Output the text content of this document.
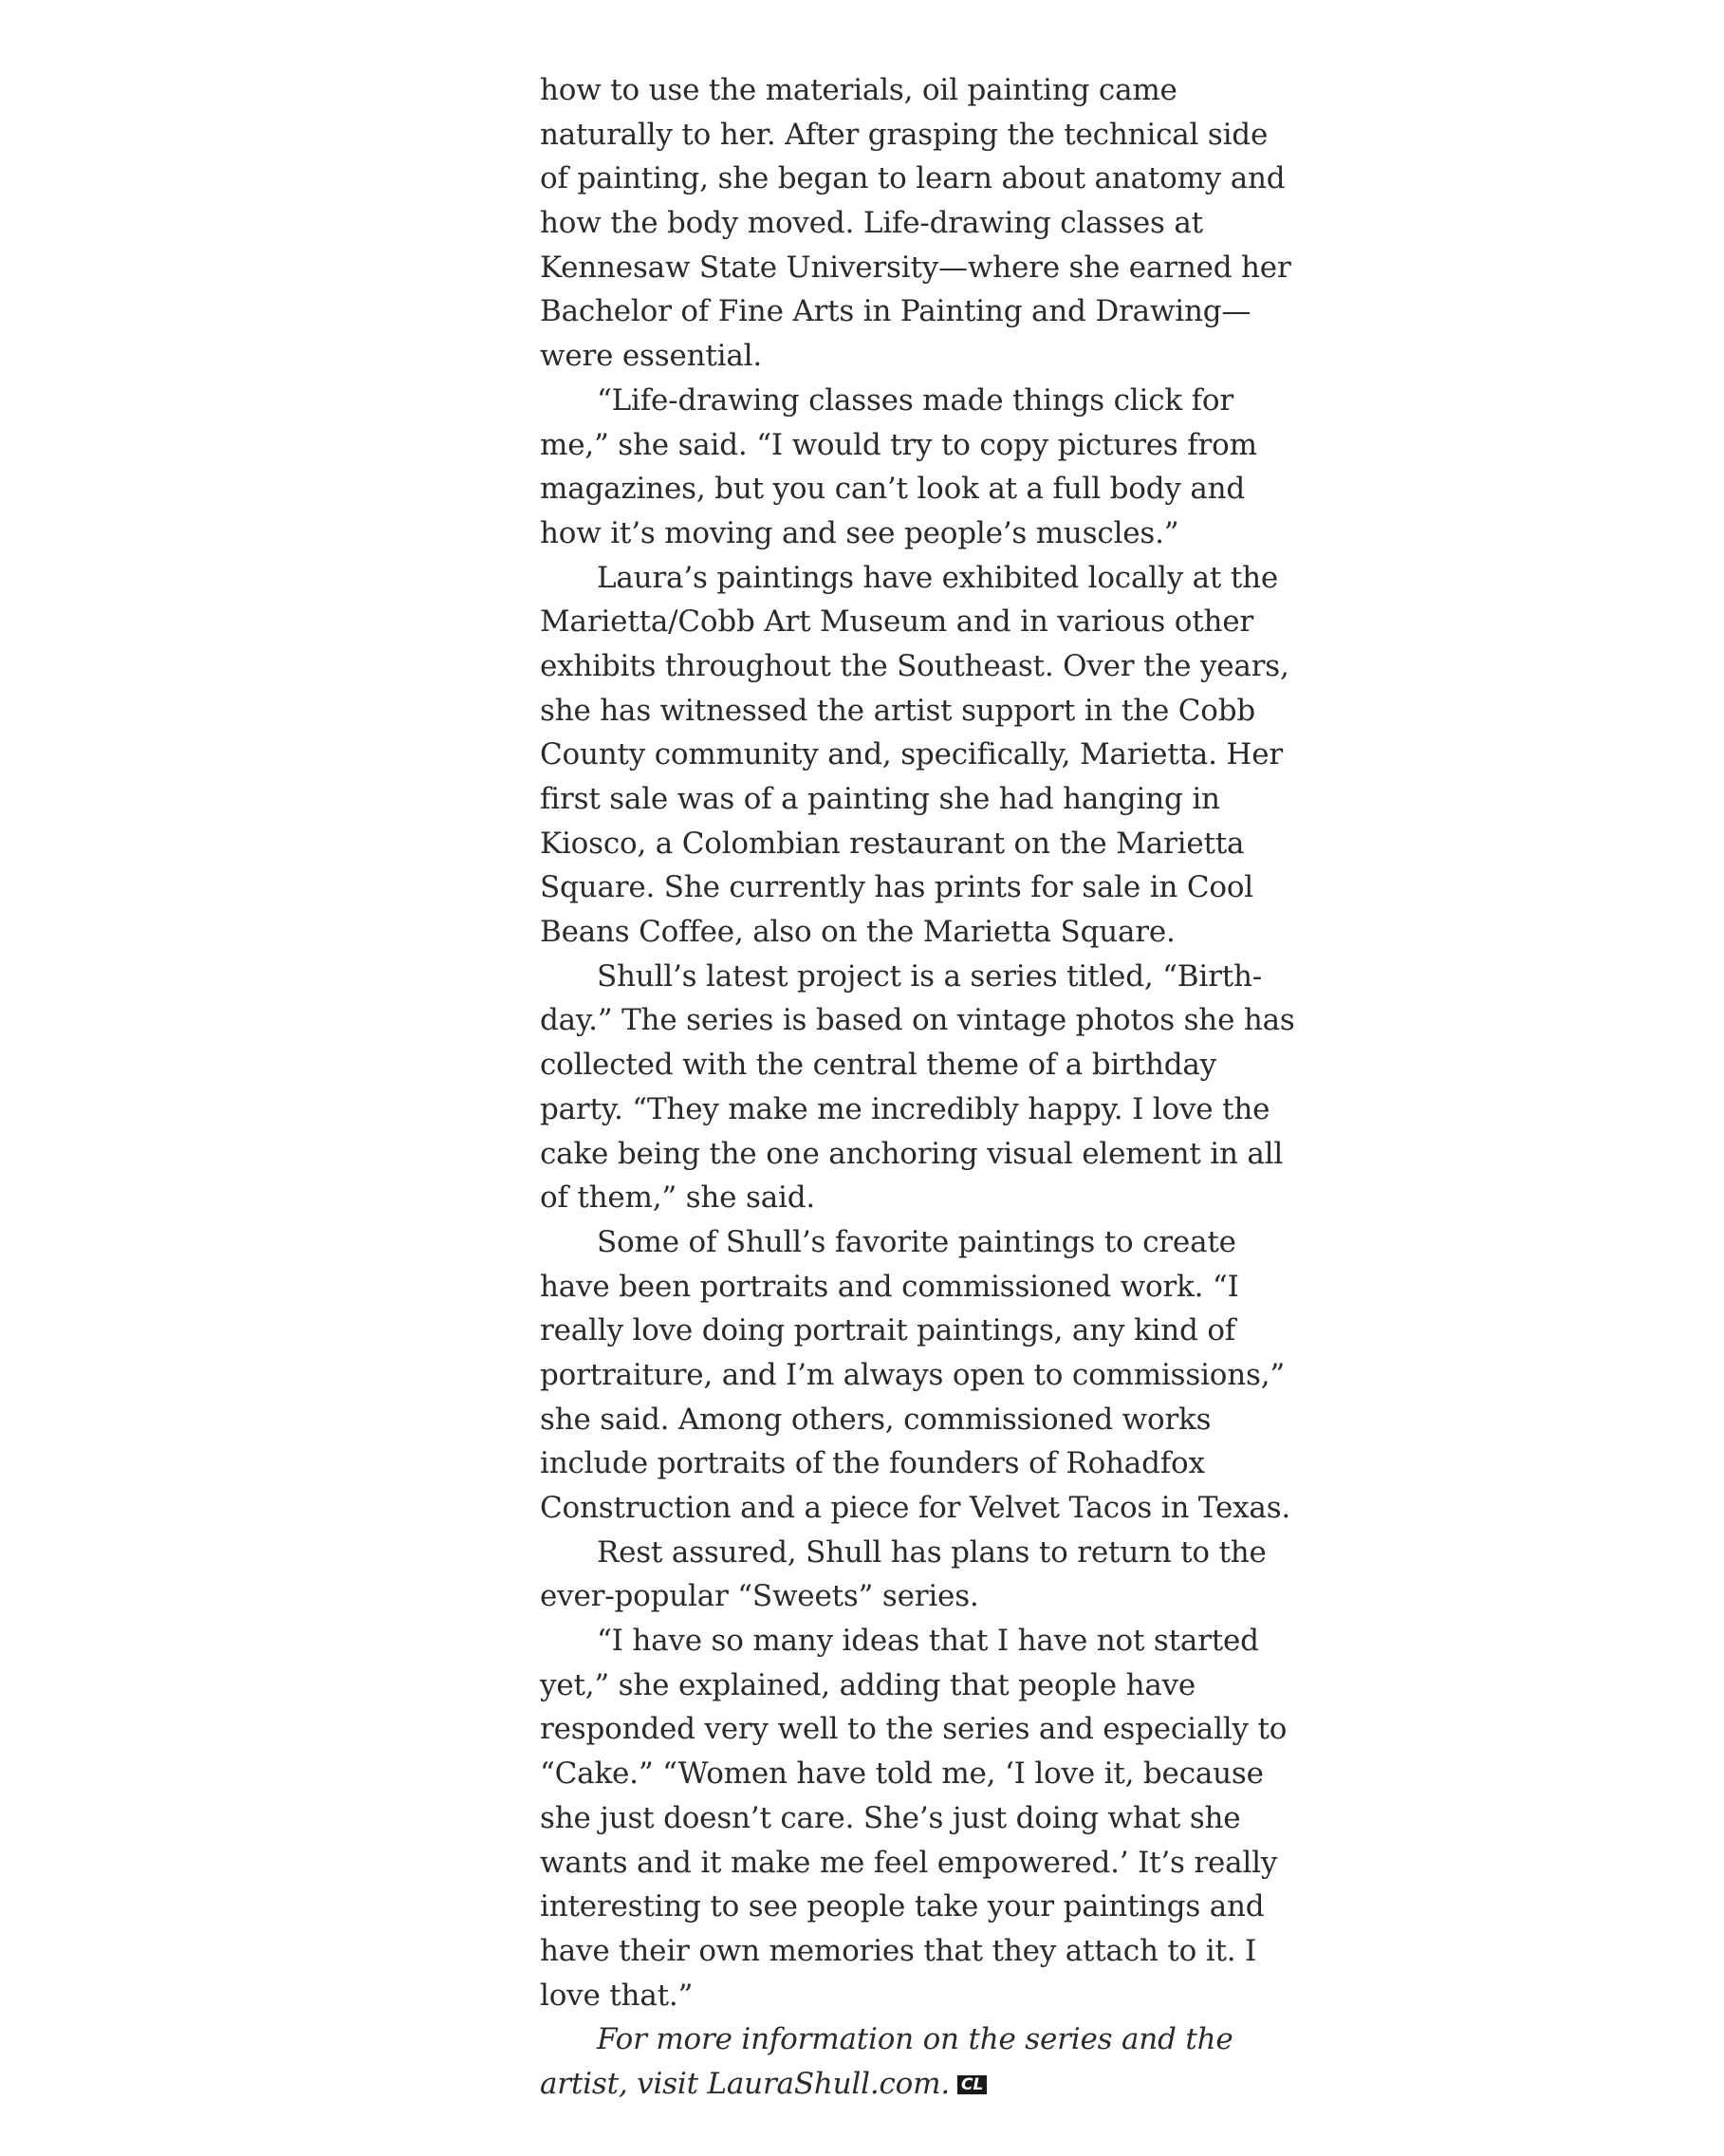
how to use the materials, oil painting came
naturally to her. After grasping the technical side
of painting, she began to learn about anatomy and
how the body moved. Life-drawing classes at
Kennesaw State University—where she earned her
Bachelor of Fine Arts in Painting and Drawing—
were essential.

“Life-drawing classes made things click for
me,” she said. “I would try to copy pictures from
magazines, but you can’t look at a full body and
how it’s moving and see people’s muscles.”

Laura’s paintings have exhibited locally at the
Marietta/Cobb Art Museum and in various other
exhibits throughout the Southeast. Over the years,
she has witnessed the artist support in the Cobb
County community and, specifically, Marietta. Her
first sale was of a painting she had hanging in
Kiosco, a Colombian restaurant on the Marietta
Square. She currently has prints for sale in Cool
Beans Coffee, also on the Marietta Square.

Shull’s latest project is a series titled, “Birth-
day.” The series is based on vintage photos she has
collected with the central theme of a birthday
party. “They make me incredibly happy. I love the
cake being the one anchoring visual element in all
of them,” she said.

Some of Shull’s favorite paintings to create
have been portraits and commissioned work. “I
really love doing portrait paintings, any kind of
portraiture, and I’m always open to commissions,”
she said. Among others, commissioned works
include portraits of the founders of Rohadfox
Construction and a piece for Velvet Tacos in Texas.

Rest assured, Shull has plans to return to the
ever-popular “Sweets” series.

“I have so many ideas that I have not started
yet,” she explained, adding that people have
responded very well to the series and especially to
“Cake.” “Women have told me, ‘I love it, because
she just doesn’t care. She’s just doing what she
wants and it make me feel empowered.’ It’s really
interesting to see people take your paintings and
have their own memories that they attach to it. I
love that.”

For more information on the series and the
artist, visit LauraShull.com. CL
